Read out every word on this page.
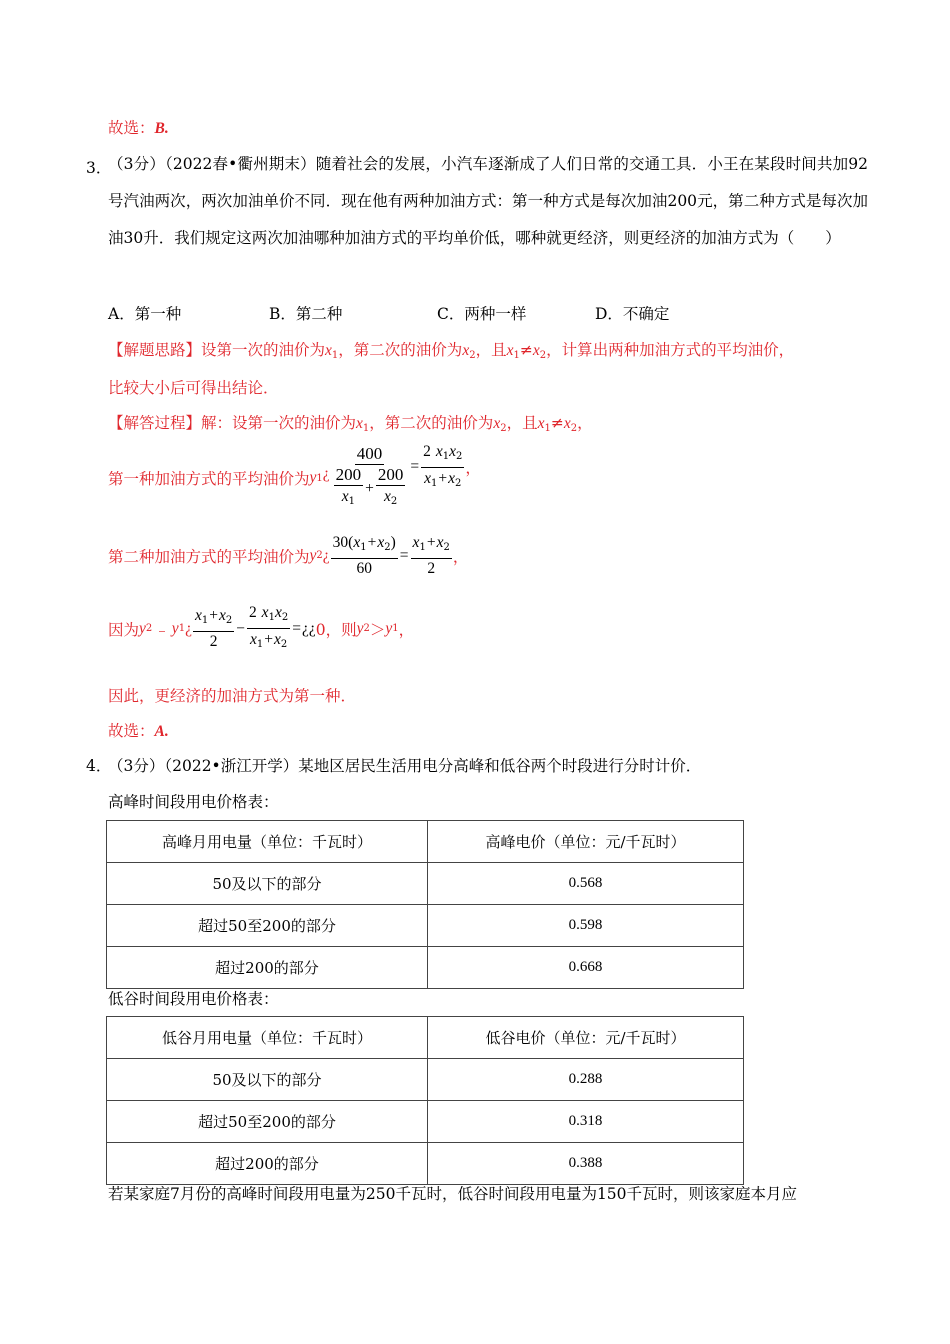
故选：B.
3．
（3分）（2022春•衢州期末）随着社会的发展，小汽车逐渐成了人们日常的交通工具．小王在某段时间共加92号汽油两次，两次加油单价不同．现在他有两种加油方式：第一种方式是每次加油200元，第二种方式是每次加油30升．我们规定这两次加油哪种加油方式的平均单价低，哪种就更经济，则更经济的加油方式为（　　）
A．第一种	B．第二种	C．两种一样	D．不确定
【解题思路】设第一次的油价为$x_1$，第二次的油价为$x_2$，且$x_1\ne x_2$，计算出两种加油方式的平均油价，
比较大小后可得出结论．
【解答过程】解：设第一次的油价为$x_1$，第二次的油价为$x_2$，且$x_1\ne x_2$，
第一种加油方式的平均油价为 y 1 ¿ $\frac{400}{\frac{200}{x1} + \frac{200}{x2}} = \frac{2 x1x2}{x1+x2}$ ，
第二种加油方式的平均油价为 y 2 ¿ $\frac{30(x1+x2)}{60} = \frac{x1+x2}{2}$ ，
因为 y 2 ﹣ y 1 ¿ $\frac{x1+x2}{2} - \frac{2 x1x2}{x1+x2}$ = ¿¿ 0，则 y 2 ＞ y 1 ，
因此，更经济的加油方式为第一种．
故选：A.
4．
（3分）（2022•浙江开学）某地区居民生活用电分高峰和低谷两个时段进行分时计价．
高峰时间段用电价格表：
高峰月用电量（单位：千瓦时）	高峰电价（单位：元/千瓦时）
50及以下的部分	0.568
超过50至200的部分	0.598
超过200的部分	0.668
低谷时间段用电价格表：
低谷月用电量（单位：千瓦时）	低谷电价（单位：元/千瓦时）
50及以下的部分	0.288
超过50至200的部分	0.318
超过200的部分	0.388
若某家庭7月份的高峰时间段用电量为250千瓦时，低谷时间段用电量为150千瓦时，则该家庭本月应
